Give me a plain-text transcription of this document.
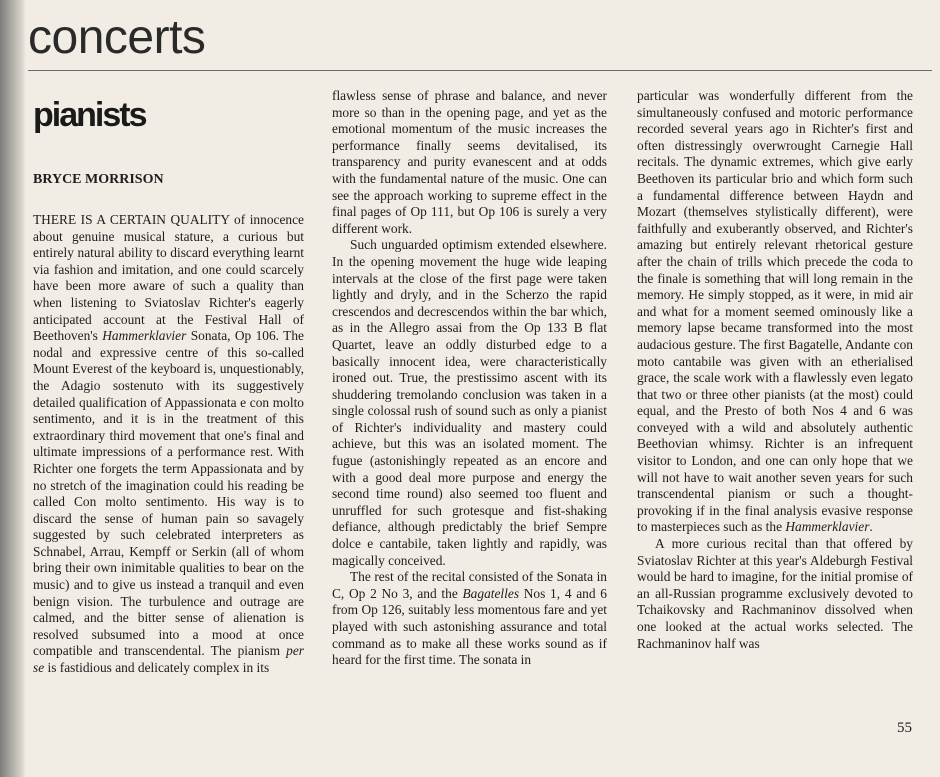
concerts
pianists
BRYCE MORRISON

THERE IS A CERTAIN QUALITY of innocence about genuine musical stature, a curious but entirely natural ability to discard everything learnt via fashion and imitation, and one could scarcely have been more aware of such a quality than when listening to Sviatoslav Richter's eagerly anticipated account at the Festival Hall of Beethoven's Hammerklavier Sonata, Op 106. The nodal and expressive centre of this so-called Mount Everest of the keyboard is, unquestionably, the Adagio sostenuto with its suggestively detailed qualification of Appassionata e con molto sentimento, and it is in the treatment of this extraordinary third movement that one's final and ultimate impressions of a performance rest. With Richter one forgets the term Appassionata and by no stretch of the imagination could his reading be called Con molto sentimento. His way is to discard the sense of human pain so savagely suggested by such celebrated interpreters as Schnabel, Arrau, Kempff or Serkin (all of whom bring their own inimitable qualities to bear on the music) and to give us instead a tranquil and even benign vision. The turbulence and outrage are calmed, and the bitter sense of alienation is resolved subsumed into a mood at once compatible and transcendental. The pianism per se is fastidious and delicately complex in its

flawless sense of phrase and balance, and never more so than in the opening page, and yet as the emotional momentum of the music increases the performance finally seems devitalised, its transparency and purity evanescent and at odds with the fundamental nature of the music. One can see the approach working to supreme effect in the final pages of Op 111, but Op 106 is surely a very different work.

Such unguarded optimism extended elsewhere. In the opening movement the huge wide leaping intervals at the close of the first page were taken lightly and dryly, and in the Scherzo the rapid crescendos and decrescendos within the bar which, as in the Allegro assai from the Op 133 B flat Quartet, leave an oddly disturbed edge to a basically innocent idea, were characteristically ironed out. True, the prestissimo ascent with its shuddering tremolando conclusion was taken in a single colossal rush of sound such as only a pianist of Richter's individuality and mastery could achieve, but this was an isolated moment. The fugue (astonishingly repeated as an encore and with a good deal more purpose and energy the second time round) also seemed too fluent and unruffled for such grotesque and fist-shaking defiance, although predictably the brief Sempre dolce e cantabile, taken lightly and rapidly, was magically conceived.

The rest of the recital consisted of the Sonata in C, Op 2 No 3, and the Bagatelles Nos 1, 4 and 6 from Op 126, suitably less momentous fare and yet played with such astonishing assurance and total command as to make all these works sound as if heard for the first time. The sonata in

particular was wonderfully different from the simultaneously confused and motoric performance recorded several years ago in Richter's first and often distressingly overwrought Carnegie Hall recitals. The dynamic extremes, which give early Beethoven its particular brio and which form such a fundamental difference between Haydn and Mozart (themselves stylistically different), were faithfully and exuberantly observed, and Richter's amazing but entirely relevant rhetorical gesture after the chain of trills which precede the coda to the finale is something that will long remain in the memory. He simply stopped, as it were, in mid air and what for a moment seemed ominously like a memory lapse became transformed into the most audacious gesture. The first Bagatelle, Andante con moto cantabile was given with an etherialised grace, the scale work with a flawlessly even legato that two or three other pianists (at the most) could equal, and the Presto of both Nos 4 and 6 was conveyed with a wild and absolutely authentic Beethovian whimsy. Richter is an infrequent visitor to London, and one can only hope that we will not have to wait another seven years for such transcendental pianism or such a thought-provoking if in the final analysis evasive response to masterpieces such as the Hammerklavier.

A more curious recital than that offered by Sviatoslav Richter at this year's Aldeburgh Festival would be hard to imagine, for the initial promise of an all-Russian programme exclusively devoted to Tchaikovsky and Rachmaninov dissolved when one looked at the actual works selected. The Rachmaninov half was

55
